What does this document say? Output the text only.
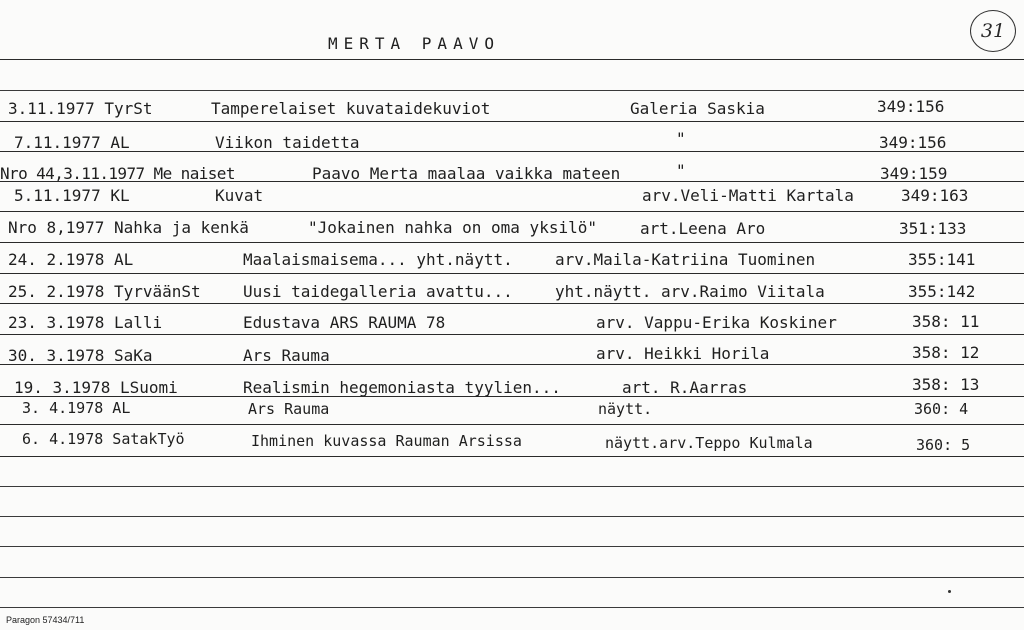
MERTA PAAVO
31
3.11.1977 TyrSt	Tamperelaiset kuvataidekuviot	Galeria Saskia	349:156
7.11.1977 AL	Viikon taidetta	"	349:156
Nro 44,3.11.1977 Me naiset	Paavo Merta maalaa vaikka mateen	"	349:159
5.11.1977 KL	Kuvat	arv.Veli-Matti Kartala	349:163
Nro 8,1977 Nahka ja kenkä	"Jokainen nahka on oma yksilö"	art.Leena Aro	351:133
24. 2.1978 AL	Maalaismaisema... yht.näytt.	arv.Maila-Katriina Tuominen	355:141
25. 2.1978 TyrväänSt	Uusi taidegalleria avattu...	yht.näytt. arv.Raimo Viitala	355:142
23. 3.1978 Lalli	Edustava ARS RAUMA 78	arv. Vappu-Erika Koskiner	358: 11
30. 3.1978 SaKa	Ars Rauma	arv. Heikki Horila	358: 12
19. 3.1978 LSuomi	Realismin hegemoniasta tyylien...	art. R.Aarras	358: 13
3. 4.1978 AL	Ars Rauma	näytt.	360: 4
6. 4.1978 SatakTyö	Ihminen kuvassa Rauman Arsissa	näytt.arv.Teppo Kulmala	360: 5
Paragon 57434/711
